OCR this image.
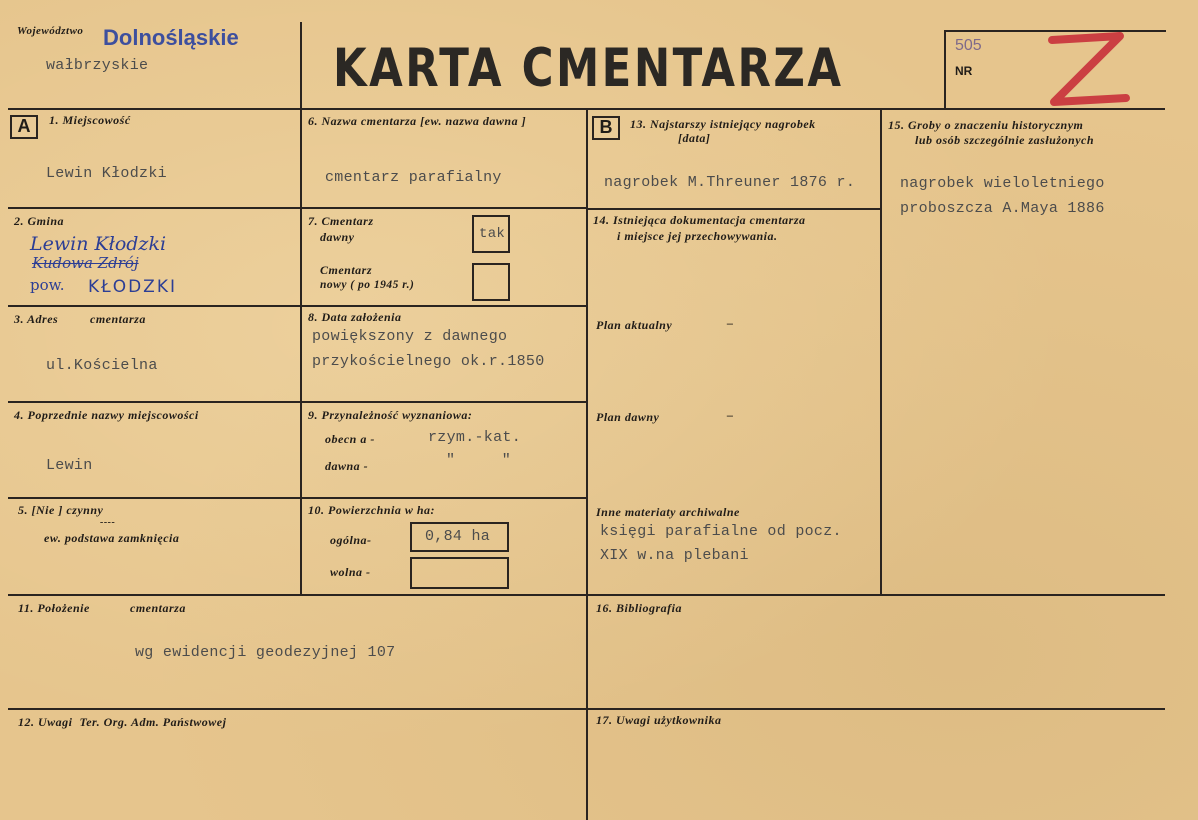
Województwo Dolnośląskie
wałbrzyskie	KARTA CMENTARZA	505
NR
A	B
1. Miejscowość
Lewin Kłodzki
2. Gmina
Lewin Kłodzki
Kudowa Zdrój
pow. KŁODZKI
3. Adres	cmentarza
ul.Kościelna
4. Poprzednie nazwy miejscowości
Lewin
5. [Nie ] czynny
----
ew. podstawa zamknięcia
6. Nazwa cmentarza [ew. nazwa dawna ]
cmentarz parafialny
7. Cmentarz
dawny	tak
Cmentarz
nowy ( po 1945 r.)
8. Data założenia
powiększony z dawnego
przykościelnego ok.r.1850
9. Przynależność wyznaniowa:
obecn a -	rzym.-kat.
dawna -	"     "
10. Powierzchnia w ha:
ogólna-	0,84 ha
wolna -
11. Położenie	cmentarza
wg ewidencji geodezyjnej 107
12. Uwagi  Ter. Org. Adm. Państwowej
13. Najstarszy istniejący nagrobek
[data]
nagrobek M.Threuner 1876 r.
14. Istniejąca dokumentacja cmentarza
i miejsce jej przechowywania.
Plan aktualny	–
Plan dawny	–
Inne materiaty archiwalne
księgi parafialne od pocz.
XIX w.na plebani
15. Groby o znaczeniu historycznym
lub osób szczególnie zasłużonych
nagrobek wieloletniego
proboszcza A.Maya 1886
16. Bibliografia
17. Uwagi użytkownika
